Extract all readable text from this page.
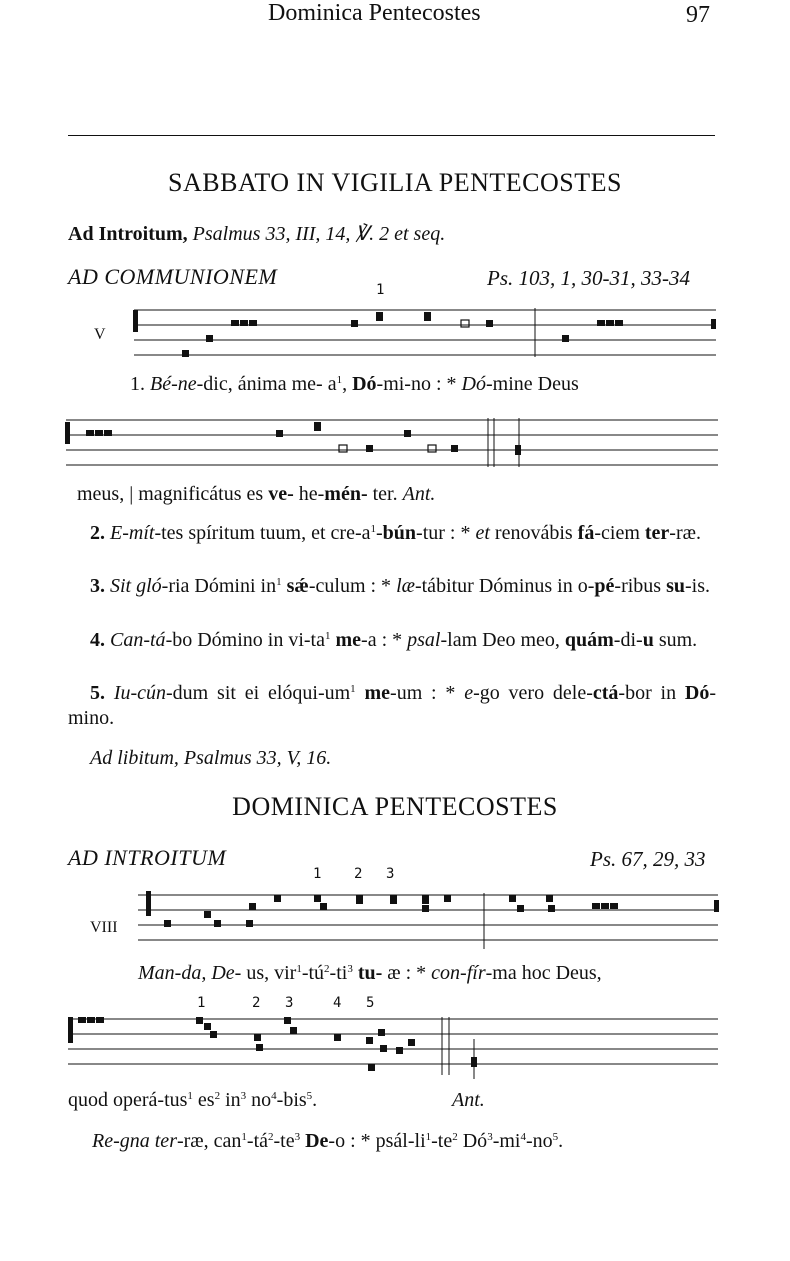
Dominica Pentecostes	97
SABBATO IN VIGILIA PENTECOSTES
Ad Introitum, Psalmus 33, III, 14, ℣. 2 et seq.
AD COMMUNIONEM	Ps. 103, 1, 30-31, 33-34
V
1
1. Bé-ne-dic, ánima me- $a^1$, Dó-mi-no : * Dó-mine Deus
meus, | magnificátus es ve- he-mén- ter. Ant.
2. E-mít-tes spíritum tuum, et cre-$a^1-bún$-tur : * et renovábis fá-ciem ter-ræ.
3. Sit gló-ria Dómini $in^1$ sǽ-culum : * læ-tábitur Dóminus in o-pé-ribus su-is.
4. Can-tá-bo Dómino in $vi-ta^1$ me-a : * psal-lam Deo meo, quám-di-u sum.
5. Iu-cún-dum sit ei elóqui-$um^1$ me-um : * e-go vero dele-ctá-bor in Dó-mino.
Ad libitum, Psalmus 33, V, 16.
DOMINICA PENTECOSTES
AD INTROITUM	Ps. 67, 29, 33
VIII
1 2 3
Man-da, De- us, $vir^1-tú^2-ti^3$ tu- æ : * con-fír-ma hoc Deus,
1	2 3	4 5
quod operá-tus$^1$ $es^2$ $in^3$ $no^4-bis^5$.	Ant.
Re-gna ter-ræ, $can^1-tá^2-te^3$ De-o : * psál-$li^1-te^2$ $Dó^3-mi^4-no^5$.
